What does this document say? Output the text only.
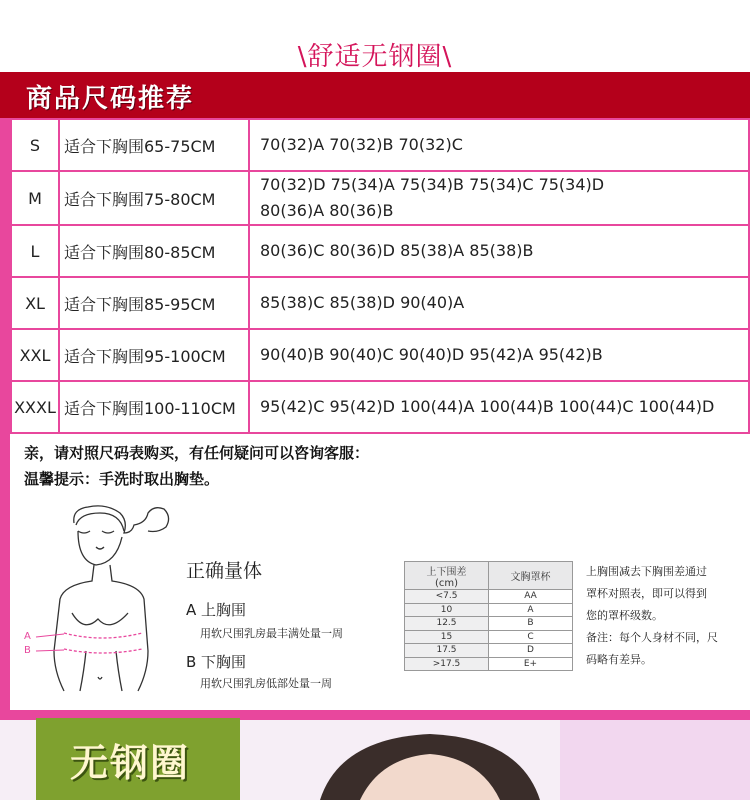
\舒适无钢圈\
商品尺码推荐
S	适合下胸围65-75CM	70(32)A 70(32)B 70(32)C

M	适合下胸围75-80CM	70(32)D 75(34)A 75(34)B 75(34)C 75(34)D
80(36)A 80(36)B

L	适合下胸围80-85CM	80(36)C 80(36)D 85(38)A 85(38)B

XL	适合下胸围85-95CM	85(38)C 85(38)D 90(40)A

XXL	适合下胸围95-100CM	90(40)B 90(40)C 90(40)D 95(42)A 95(42)B

XXXL	适合下胸围100-110CM	95(42)C 95(42)D 100(44)A 100(44)B 100(44)C 100(44)D
亲，请对照尺码表购买，有任何疑问可以咨询客服：
温馨提示：手洗时取出胸垫。
A
B
正确量体
A 上胸围
用软尺围乳房最丰满处量一周
B 下胸围
用软尺围乳房低部处量一周
上下围差
(cm)	文胸罩杯
<7.5	AA
10	A
12.5	B
15	C
17.5	D
>17.5	E+
上胸围减去下胸围差通过
罩杯对照表，即可以得到
您的罩杯级数。
备注：每个人身材不同，尺
码略有差异。
无钢圈
